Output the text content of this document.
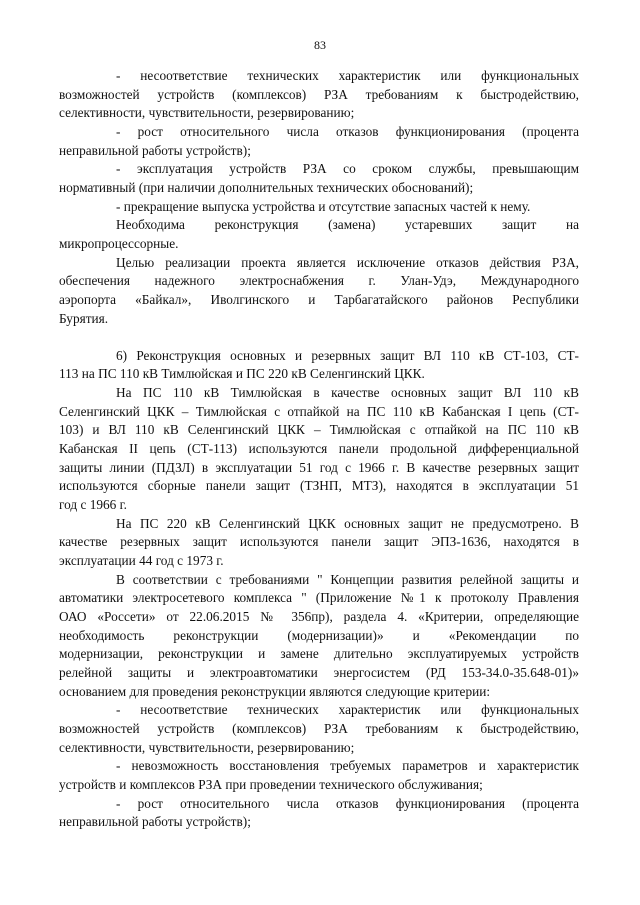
83
- несоответствие технических характеристик или функциональных
возможностей устройств (комплексов) РЗА требованиям к быстродействию,
селективности, чувствительности, резервированию;
- рост относительного числа отказов функционирования (процента
неправильной работы устройств);
- эксплуатация устройств РЗА со сроком службы, превышающим
нормативный (при наличии дополнительных технических обоснований);
- прекращение выпуска устройства и отсутствие запасных частей к нему.
Необходима реконструкция (замена) устаревших защит на
микропроцессорные.
Целью реализации проекта является исключение отказов действия РЗА,
обеспечения надежного электроснабжения г. Улан-Удэ, Международного
аэропорта «Байкал», Иволгинского и Тарбагатайского районов Республики
Бурятия.
6) Реконструкция основных и резервных защит ВЛ 110 кВ СТ-103, СТ-
113 на ПС 110 кВ Тимлюйская и ПС 220 кВ Селенгинский ЦКК.
На ПС 110 кВ Тимлюйская в качестве основных защит ВЛ 110 кВ
Селенгинский ЦКК – Тимлюйская с отпайкой на ПС 110 кВ Кабанская I цепь (СТ-
103) и ВЛ 110 кВ Селенгинский ЦКК – Тимлюйская с отпайкой на ПС 110 кВ
Кабанская II цепь (СТ-113) используются панели продольной дифференциальной
защиты линии (ПДЗЛ) в эксплуатации 51 год с 1966 г. В качестве резервных защит
используются сборные панели защит (ТЗНП, МТЗ), находятся в эксплуатации 51
год с 1966 г.
На ПС 220 кВ Селенгинский ЦКК основных защит не предусмотрено. В
качестве резервных защит используются панели защит ЭПЗ-1636, находятся в
эксплуатации 44 год с 1973 г.
В соответствии с требованиями " Концепции развития релейной защиты и
автоматики электросетевого комплекса " (Приложение №1 к протоколу Правления
ОАО «Россети» от 22.06.2015 № 356пр), раздела 4. «Критерии, определяющие
необходимость реконструкции (модернизации)» и «Рекомендации по
модернизации, реконструкции и замене длительно эксплуатируемых устройств
релейной защиты и электроавтоматики энергосистем (РД 153-34.0-35.648-01)»
основанием для проведения реконструкции являются следующие критерии:
- несоответствие технических характеристик или функциональных
возможностей устройств (комплексов) РЗА требованиям к быстродействию,
селективности, чувствительности, резервированию;
- невозможность восстановления требуемых параметров и характеристик
устройств и комплексов РЗА при проведении технического обслуживания;
- рост относительного числа отказов функционирования (процента
неправильной работы устройств);
